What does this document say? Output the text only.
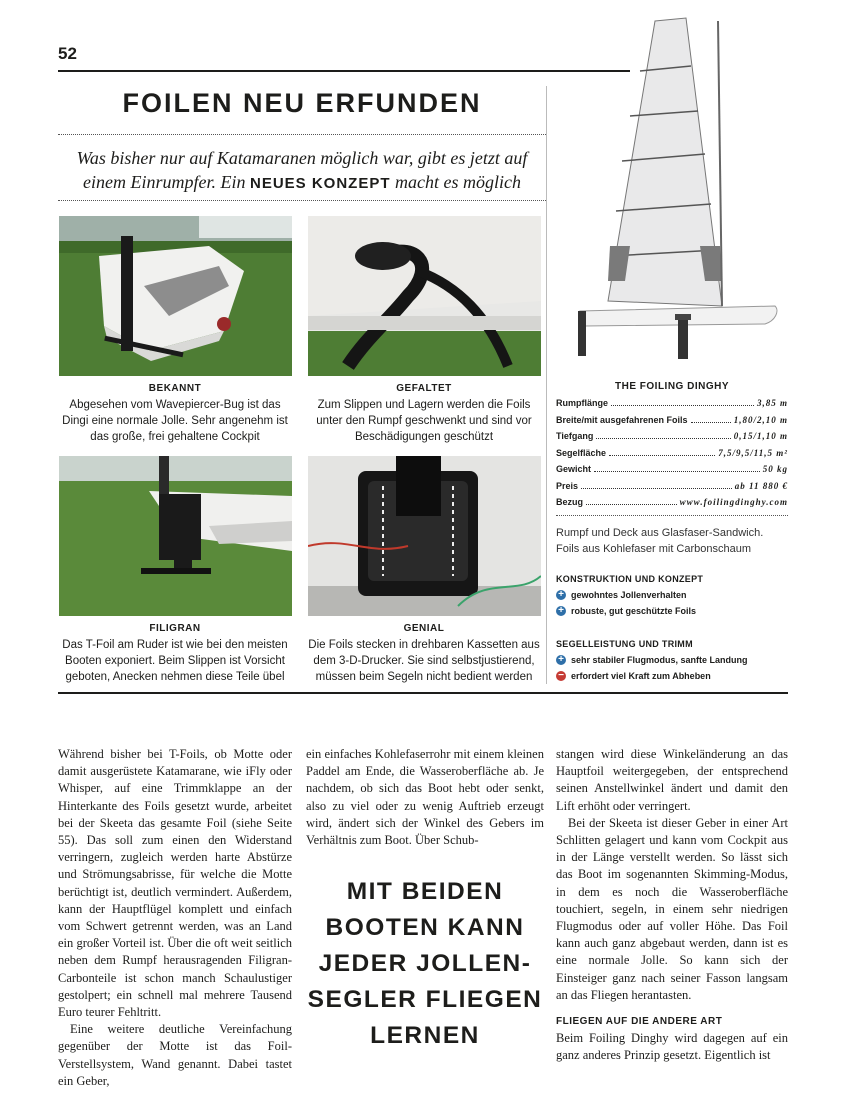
52
FOILEN NEU ERFUNDEN
Was bisher nur auf Katamaranen möglich war, gibt es jetzt auf einem Einrumpfer. Ein NEUES KONZEPT macht es möglich
BEKANNT
Abgesehen vom Wavepiercer-Bug ist das Dingi eine normale Jolle. Sehr angenehm ist das große, frei gehaltene Cockpit
GEFALTET
Zum Slippen und Lagern werden die Foils unter den Rumpf geschwenkt und sind vor Beschädigungen geschützt
FILIGRAN
Das T-Foil am Ruder ist wie bei den meisten Booten exponiert. Beim Slippen ist Vorsicht geboten, Anecken nehmen diese Teile übel
GENIAL
Die Foils stecken in drehbaren Kassetten aus dem 3-D-Drucker. Sie sind selbstjustierend, müssen beim Segeln nicht bedient werden
THE FOILING DINGHY
Rumpflänge	3,85 m
Breite/mit ausgefahrenen Foils	1,80/2,10 m
Tiefgang	0,15/1,10 m
Segelfläche	7,5/9,5/11,5 m²
Gewicht	50 kg
Preis	ab 11 880 €
Bezug	www.foilingdinghy.com
Rumpf und Deck aus Glasfaser-Sandwich. Foils aus Kohlefaser mit Carbonschaum
KONSTRUKTION UND KONZEPT
+ gewohntes Jollenverhalten
+ robuste, gut geschützte Foils
SEGELLEISTUNG UND TRIMM
+ sehr stabiler Flugmodus, sanfte Landung
− erfordert viel Kraft zum Abheben

Während bisher bei T-Foils, ob Motte oder damit ausgerüstete Katamarane, wie iFly oder Whisper, auf eine Trimmklappe an der Hinterkante des Foils gesetzt wurde, arbeitet bei der Skeeta das gesamte Foil (siehe Seite 55). Das soll zum einen den Widerstand verringern, zugleich werden harte Abstürze und Strömungsabrisse, für welche die Motte berüchtigt ist, deutlich vermindert. Außerdem, kann der Hauptflügel komplett und einfach vom Schwert getrennt werden, was an Land ein großer Vorteil ist. Über die oft weit seitlich neben dem Rumpf herausragenden Filigran-Carbonteile ist schon manch Schaulustiger gestolpert; ein schnell mal mehrere Tausend Euro teurer Fehltritt.

Eine weitere deutliche Vereinfachung gegenüber der Motte ist das Foil-Verstellsystem, Wand genannt. Dabei tastet ein Geber,

ein einfaches Kohlefaserrohr mit einem kleinen Paddel am Ende, die Wasseroberfläche ab. Je nachdem, ob sich das Boot hebt oder senkt, also zu viel oder zu wenig Auftrieb erzeugt wird, ändert sich der Winkel des Gebers im Verhältnis zum Boot. Über Schub-

MIT BEIDEN BOOTEN KANN JEDER JOLLEN-SEGLER FLIEGEN LERNEN

stangen wird diese Winkeländerung an das Hauptfoil weitergegeben, der entsprechend seinen Anstellwinkel ändert und damit den Lift erhöht oder verringert.

Bei der Skeeta ist dieser Geber in einer Art Schlitten gelagert und kann vom Cockpit aus in der Länge verstellt werden. So lässt sich das Boot im sogenannten Skimming-Modus, in dem es noch die Wasseroberfläche touchiert, segeln, in einem sehr niedrigen Flugmodus oder auf voller Höhe. Das Foil kann auch ganz abgebaut werden, dann ist es eine normale Jolle. So kann sich der Einsteiger ganz nach seiner Fasson langsam an das Fliegen herantasten.

FLIEGEN AUF DIE ANDERE ART

Beim Foiling Dinghy wird dagegen auf ein ganz anderes Prinzip gesetzt. Eigentlich ist
